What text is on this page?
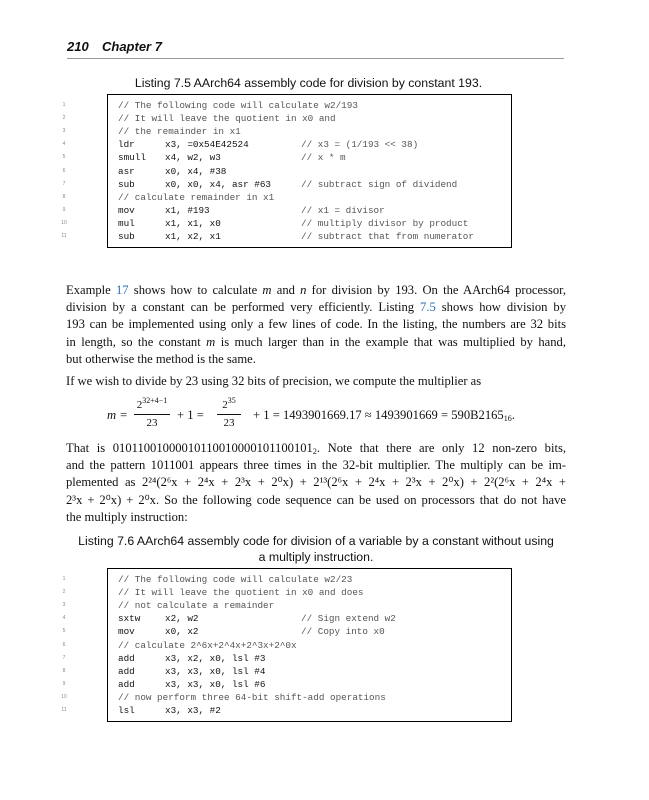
210 Chapter 7
Listing 7.5 AArch64 assembly code for division by constant 193.
1
2
3
4
5
6
7
8
9
10
11
// The following code will calculate w2/193
// It will leave the quotient in x0 and
// the remainder in x1
ldr	x3, =0x54E42524	// x3 = (1/193 << 38)
smull x4, w2, w3	// x * m
asr	x0, x4, #38
sub	x0, x0, x4, asr #63	// subtract sign of dividend
// calculate remainder in x1
mov	x1, #193	// x1 = divisor
mul	x1, x1, x0	// multiply divisor by product
sub	x1, x2, x1	// subtract that from numerator
Example 17 shows how to calculate m and n for division by 193. On the AArch64 processor,
division by a constant can be performed very efficiently. Listing 7.5 shows how division by
193 can be implemented using only a few lines of code. In the listing, the numbers are 32 bits
in length, so the constant m is much larger than in the example that was multiplied by hand,
but otherwise the method is the same.
If we wish to divide by 23 using 32 bits of precision, we compute the multiplier as
m =
$2^{32+4-1}$
23
+ 1 =
$2^{35}$
23
+ $1 = 1493901669.17 \approx 1493901669 = 590B2165_{16}$.
That is $01011001000010110010000101100101_2$. Note that there are only 12 non-zero bits,
and the pattern 1011001 appears three times in the 32-bit multiplier. The multiply can be im-
plemented as 2²⁴(2⁶x + 2⁴x + 2³x + 2⁰x) + 2¹³(2⁶x + 2⁴x + 2³x + 2⁰x) + 2²(2⁶x + 2⁴x +
2³x + 2⁰x) + 2⁰x. So the following code sequence can be used on processors that do not have
the multiply instruction:
Listing 7.6 AArch64 assembly code for division of a variable by a constant without using
a multiply instruction.
1
2
3
4
5
6
7
8
9
10
11
// The following code will calculate w2/23
// It will leave the quotient in x0 and does
// not calculate a remainder
sxtw	x2, w2	// Sign extend w2
mov	x0, x2	// Copy into x0
// calculate 2^6x+2^4x+2^3x+2^0x
add	x3, x2, x0, lsl #3
add	x3, x3, x0, lsl #4
add	x3, x3, x0, lsl #6
// now perform three 64-bit shift-add operations
lsl	x3, x3, #2
